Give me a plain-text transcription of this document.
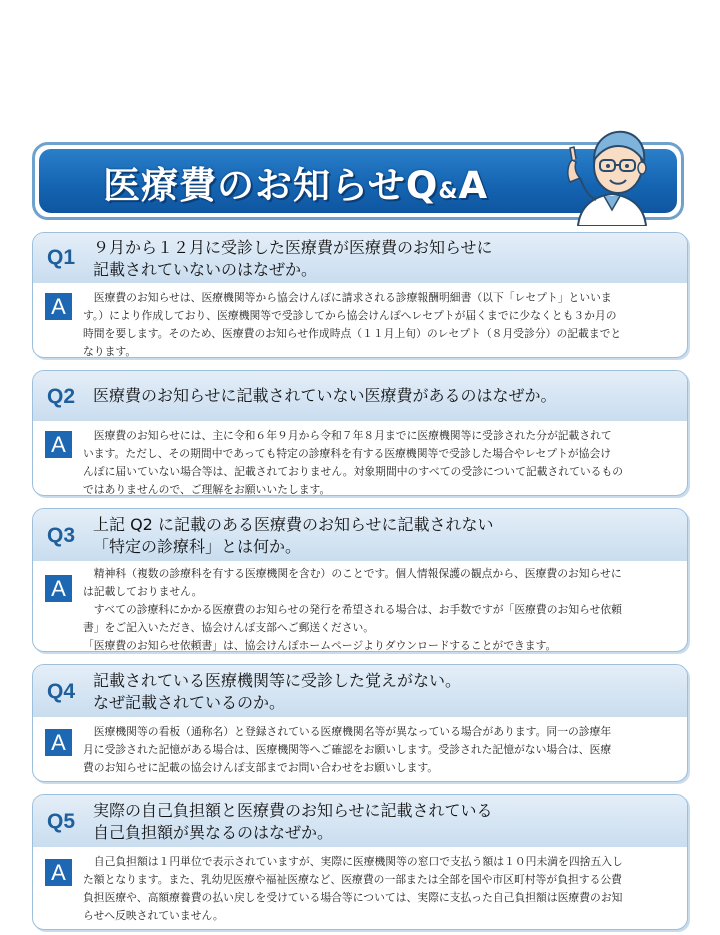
医療費のお知らせQ&A
Q1 ９月から１２月に受診した医療費が医療費のお知らせに
記載されていないのはなぜか。
A	　医療費のお知らせは、医療機関等から協会けんぽに請求される診療報酬明細書（以下「レセプト」といいま
す。）により作成しており、医療機関等で受診してから協会けんぽへレセプトが届くまでに少なくとも３か月の
時間を要します。そのため、医療費のお知らせ作成時点（１１月上旬）のレセプト（８月受診分）の記載までと
なります。
Q2 医療費のお知らせに記載されていない医療費があるのはなぜか。
A	　医療費のお知らせには、主に令和６年９月から令和７年８月までに医療機関等に受診された分が記載されて
います。ただし、その期間中であっても特定の診療科を有する医療機関等で受診した場合やレセプトが協会け
んぽに届いていない場合等は、記載されておりません。対象期間中のすべての受診について記載されているもの
ではありませんので、ご理解をお願いいたします。
Q3 上記 Q2 に記載のある医療費のお知らせに記載されない
「特定の診療科」とは何か。
A
　精神科（複数の診療科を有する医療機関を含む）のことです。個人情報保護の観点から、医療費のお知らせに
は記載しておりません。
　すべての診療科にかかる医療費のお知らせの発行を希望される場合は、お手数ですが「医療費のお知らせ依頼
書」をご記入いただき、協会けんぽ支部へご郵送ください。
「医療費のお知らせ依頼書」は、協会けんぽホームページよりダウンロードすることができます。
Q4 記載されている医療機関等に受診した覚えがない。
なぜ記載されているのか。
A	　医療機関等の看板（通称名）と登録されている医療機関名等が異なっている場合があります。同一の診療年
月に受診された記憶がある場合は、医療機関等へご確認をお願いします。受診された記憶がない場合は、医療
費のお知らせに記載の協会けんぽ支部までお問い合わせをお願いします。
Q5 実際の自己負担額と医療費のお知らせに記載されている
自己負担額が異なるのはなぜか。
A	　自己負担額は１円単位で表示されていますが、実際に医療機関等の窓口で支払う額は１０円未満を四捨五入し
た額となります。また、乳幼児医療や福祉医療など、医療費の一部または全部を国や市区町村等が負担する公費
負担医療や、高額療養費の払い戻しを受けている場合等については、実際に支払った自己負担額は医療費のお知
らせへ反映されていません。
